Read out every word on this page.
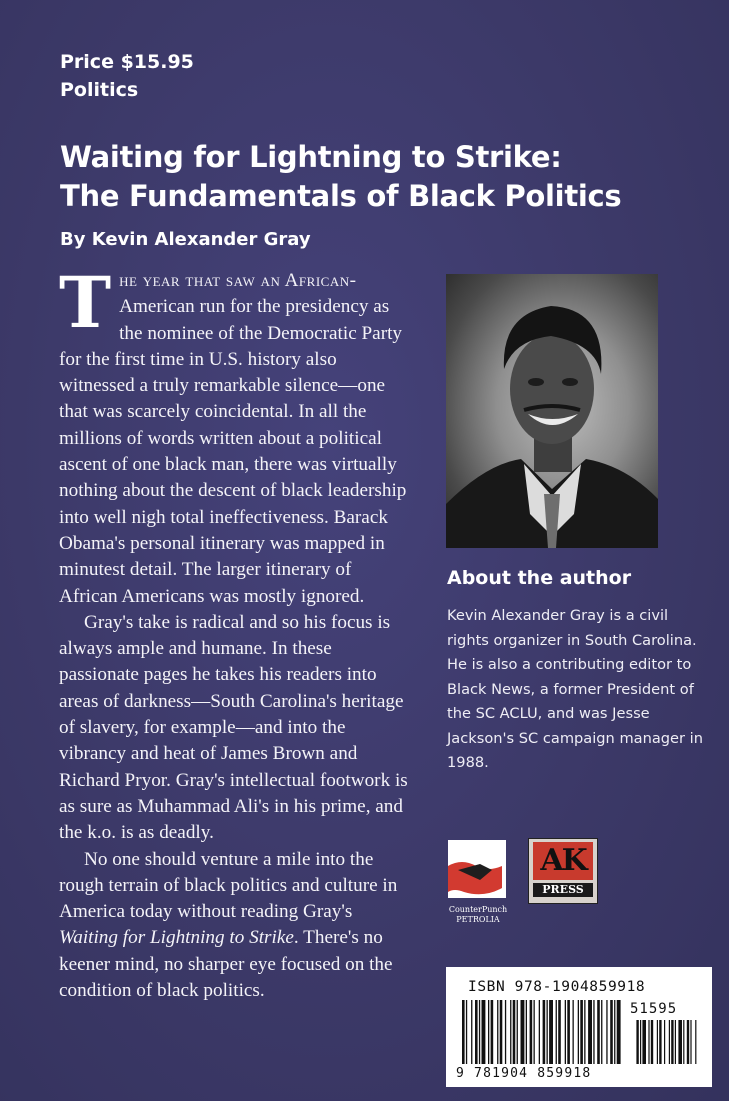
Price $15.95
Politics
Waiting for Lightning to Strike:
The Fundamentals of Black Politics
By Kevin Alexander Gray

The year that saw an African- American run for the presidency as the nominee of the Democratic Party for the first time in U.S. history also witnessed a truly remarkable silence—one that was scarcely coincidental. In all the millions of words written about a political ascent of one black man, there was virtually nothing about the descent of black leadership into well nigh total ineffectiveness. Barack Obama's personal itinerary was mapped in minutest detail. The larger itinerary of African Americans was mostly ignored.

Gray's take is radical and so his focus is always ample and humane. In these passionate pages he takes his readers into areas of darkness—South Carolina's heritage of slavery, for example—and into the vibrancy and heat of James Brown and Richard Pryor. Gray's intellectual footwork is as sure as Muhammad Ali's in his prime, and the k.o. is as deadly.

No one should venture a mile into the rough terrain of black politics and culture in America today without reading Gray's Waiting for Lightning to Strike. There's no keener mind, no sharper eye focused on the condition of black politics.

About the author
Kevin Alexander Gray is a civil rights organizer in South Carolina. He is also a contributing editor to Black News, a former President of the SC ACLU, and was Jesse Jackson's SC campaign manager in 1988.
CounterPunch
PETROLIA
AK
PRESS
ISBN 978-1904859918
51595
9 781904 859918
